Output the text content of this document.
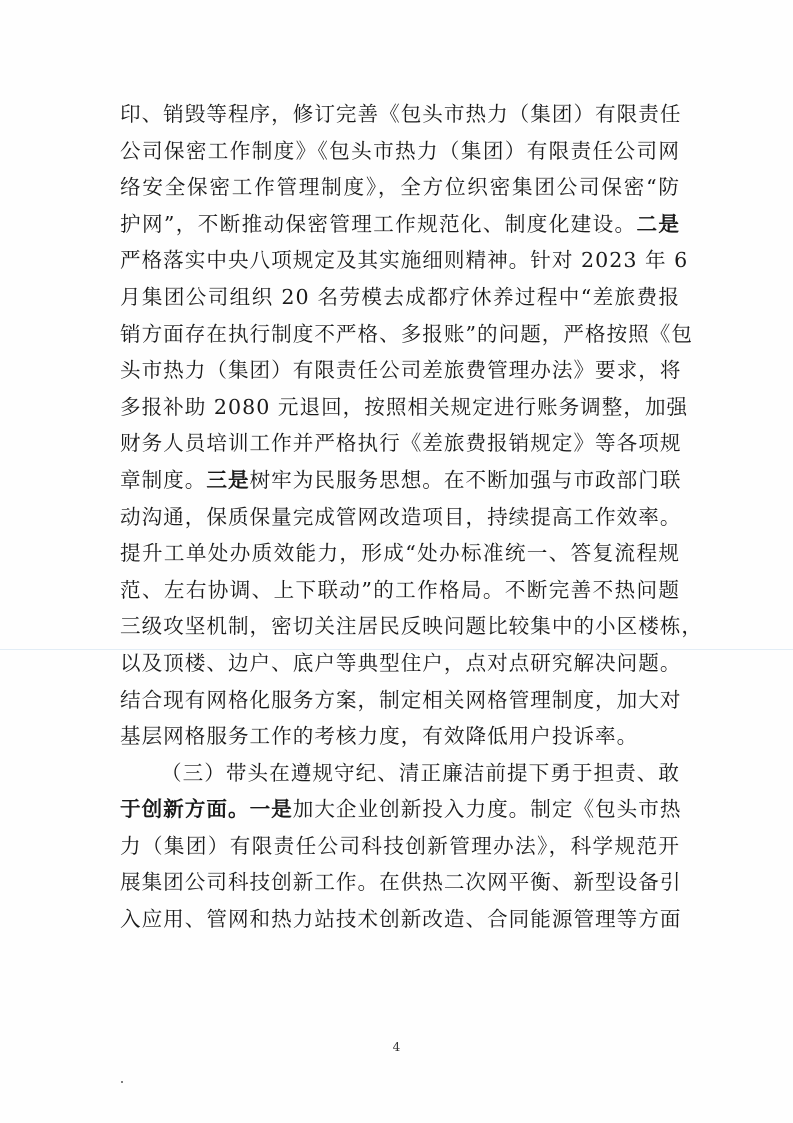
印、销毁等程序，修订完善《包头市热力（集团）有限责任
公司保密工作制度》《包头市热力（集团）有限责任公司网
络安全保密工作管理制度》，全方位织密集团公司保密“防
护网”，不断推动保密管理工作规范化、制度化建设。二是
严格落实中央八项规定及其实施细则精神。针对 2023 年 6
月集团公司组织 20 名劳模去成都疗休养过程中“差旅费报
销方面存在执行制度不严格、多报账”的问题，严格按照《包
头市热力（集团）有限责任公司差旅费管理办法》要求，将
多报补助 2080 元退回，按照相关规定进行账务调整，加强
财务人员培训工作并严格执行《差旅费报销规定》等各项规
章制度。三是树牢为民服务思想。在不断加强与市政部门联
动沟通，保质保量完成管网改造项目，持续提高工作效率。
提升工单处办质效能力，形成“处办标准统一、答复流程规
范、左右协调、上下联动”的工作格局。不断完善不热问题
三级攻坚机制，密切关注居民反映问题比较集中的小区楼栋，
以及顶楼、边户、底户等典型住户，点对点研究解决问题。
结合现有网格化服务方案，制定相关网格管理制度，加大对
基层网格服务工作的考核力度，有效降低用户投诉率。
（三）带头在遵规守纪、清正廉洁前提下勇于担责、敢
于创新方面。一是加大企业创新投入力度。制定《包头市热
力（集团）有限责任公司科技创新管理办法》，科学规范开
展集团公司科技创新工作。在供热二次网平衡、新型设备引
入应用、管网和热力站技术创新改造、合同能源管理等方面
4
